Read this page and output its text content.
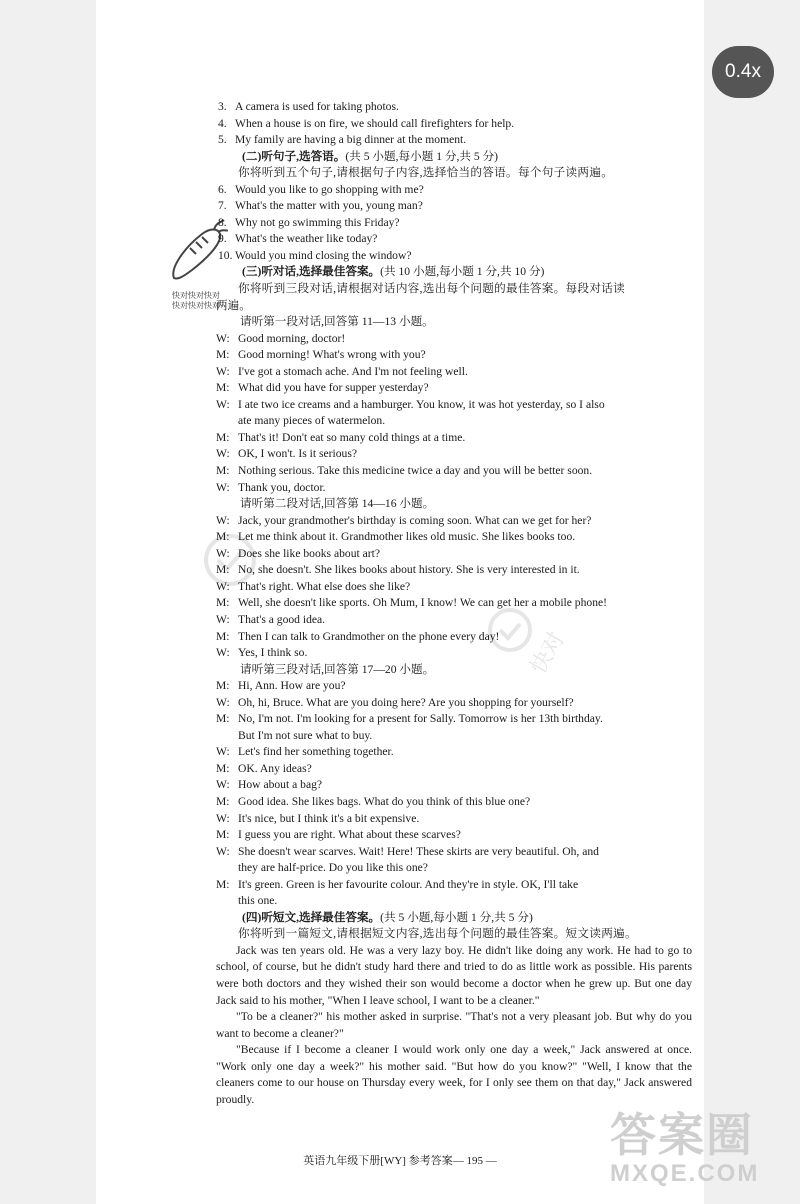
0.4x
快对快对快对
快对快对快对
快对
3. A camera is used for taking photos.
4. When a house is on fire, we should call firefighters for help.
5. My family are having a big dinner at the moment.
(二)听句子,选答语。(共 5 小题,每小题 1 分,共 5 分)
你将听到五个句子,请根据句子内容,选择恰当的答语。每个句子读两遍。
6. Would you like to go shopping with me?
7. What's the matter with you, young man?
8. Why not go swimming this Friday?
9. What's the weather like today?
10. Would you mind closing the window?
(三)听对话,选择最佳答案。(共 10 小题,每小题 1 分,共 10 分)
你将听到三段对话,请根据对话内容,选出每个问题的最佳答案。每段对话读
两遍。
请听第一段对话,回答第 11—13 小题。
W: Good morning, doctor!
M: Good morning! What's wrong with you?
W: I've got a stomach ache. And I'm not feeling well.
M: What did you have for supper yesterday?
W: I ate two ice creams and a hamburger. You know, it was hot yesterday, so I also
ate many pieces of watermelon.
M: That's it! Don't eat so many cold things at a time.
W: OK, I won't. Is it serious?
M: Nothing serious. Take this medicine twice a day and you will be better soon.
W: Thank you, doctor.
请听第二段对话,回答第 14—16 小题。
W: Jack, your grandmother's birthday is coming soon. What can we get for her?
M: Let me think about it. Grandmother likes old music. She likes books too.
W: Does she like books about art?
M: No, she doesn't. She likes books about history. She is very interested in it.
W: That's right. What else does she like?
M: Well, she doesn't like sports. Oh Mum, I know! We can get her a mobile phone!
W: That's a good idea.
M: Then I can talk to Grandmother on the phone every day!
W: Yes, I think so.
请听第三段对话,回答第 17—20 小题。
M: Hi, Ann. How are you?
W: Oh, hi, Bruce. What are you doing here? Are you shopping for yourself?
M: No, I'm not. I'm looking for a present for Sally. Tomorrow is her 13th birthday.
But I'm not sure what to buy.
W: Let's find her something together.
M: OK. Any ideas?
W: How about a bag?
M: Good idea. She likes bags. What do you think of this blue one?
W: It's nice, but I think it's a bit expensive.
M: I guess you are right. What about these scarves?
W: She doesn't wear scarves. Wait! Here! These skirts are very beautiful. Oh, and
they are half-price. Do you like this one?
M: It's green. Green is her favourite colour. And they're in style. OK, I'll take
this one.
(四)听短文,选择最佳答案。(共 5 小题,每小题 1 分,共 5 分)
你将听到一篇短文,请根据短文内容,选出每个问题的最佳答案。短文读两遍。
Jack was ten years old. He was a very lazy boy. He didn't like doing any work. He had to go to school, of course, but he didn't study hard there and tried to do as little work as possible. His parents were both doctors and they wished their son would become a doctor when he grew up. But one day Jack said to his mother, "When I leave school, I want to be a cleaner."
"To be a cleaner?" his mother asked in surprise. "That's not a very pleasant job. But why do you want to become a cleaner?"
"Because if I become a cleaner I would work only one day a week," Jack answered at once. "Work only one day a week?" his mother said. "But how do you know?" "Well, I know that the cleaners come to our house on Thursday every week, for I only see them on that day," Jack answered proudly.
英语九年级下册[WY] 参考答案— 195 —	答案圈
MXQE.COM
